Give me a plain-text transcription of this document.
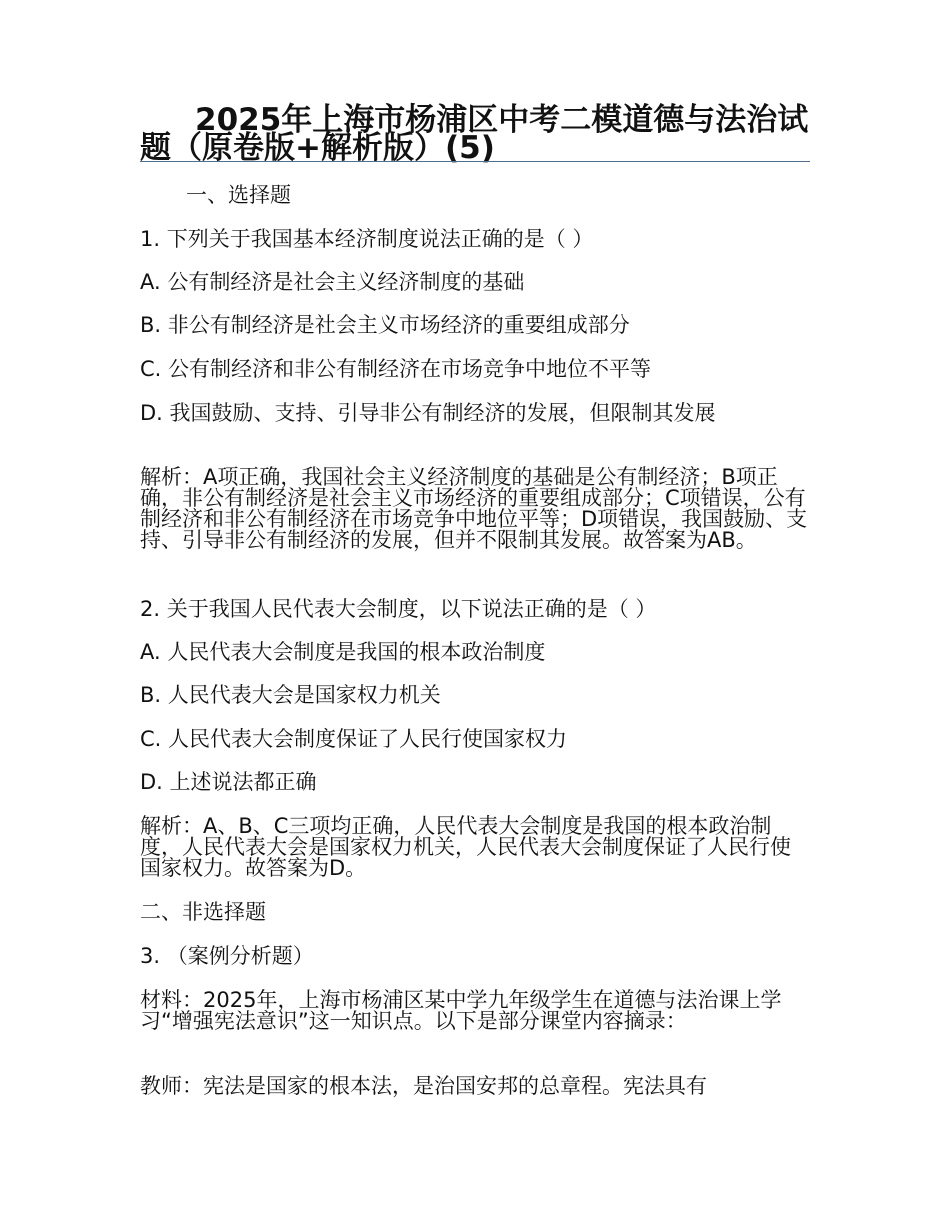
2025年上海市杨浦区中考二模道德与法治试题（原卷版+解析版）(5)

一、选择题

1. 下列关于我国基本经济制度说法正确的是（ ）

A. 公有制经济是社会主义经济制度的基础

B. 非公有制经济是社会主义市场经济的重要组成部分

C. 公有制经济和非公有制经济在市场竞争中地位不平等

D. 我国鼓励、支持、引导非公有制经济的发展，但限制其发展

解析：A项正确，我国社会主义经济制度的基础是公有制经济；B项正确，非公有制经济是社会主义市场经济的重要组成部分；C项错误，公有制经济和非公有制经济在市场竞争中地位平等；D项错误，我国鼓励、支持、引导非公有制经济的发展，但并不限制其发展。故答案为AB。

2. 关于我国人民代表大会制度，以下说法正确的是（ ）

A. 人民代表大会制度是我国的根本政治制度

B. 人民代表大会是国家权力机关

C. 人民代表大会制度保证了人民行使国家权力

D. 上述说法都正确

解析：A、B、C三项均正确，人民代表大会制度是我国的根本政治制度，人民代表大会是国家权力机关，人民代表大会制度保证了人民行使国家权力。故答案为D。

二、非选择题

3. （案例分析题）

材料：2025年，上海市杨浦区某中学九年级学生在道德与法治课上学习“增强宪法意识”这一知识点。以下是部分课堂内容摘录：

教师：宪法是国家的根本法，是治国安邦的总章程。宪法具有
